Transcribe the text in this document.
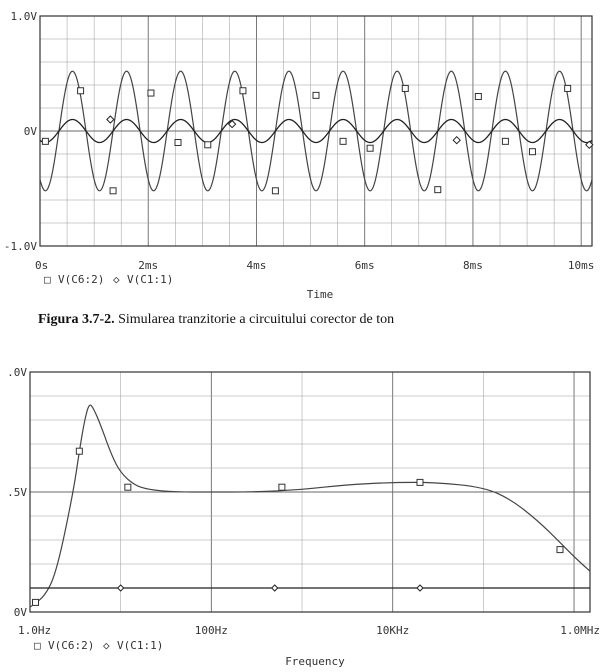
1.0V
0V
-1.0V
0s	2ms	4ms	6ms	8ms	10ms
□ V(C6:2) ◇ V(C1:1)
Time
Figura 3.7-2. Simularea tranzitorie a circuitului corector de ton
.0V
.5V
0V
1.0Hz	100Hz	10KHz	1.0MHz
□ V(C6:2) ◇ V(C1:1)
Frequency
